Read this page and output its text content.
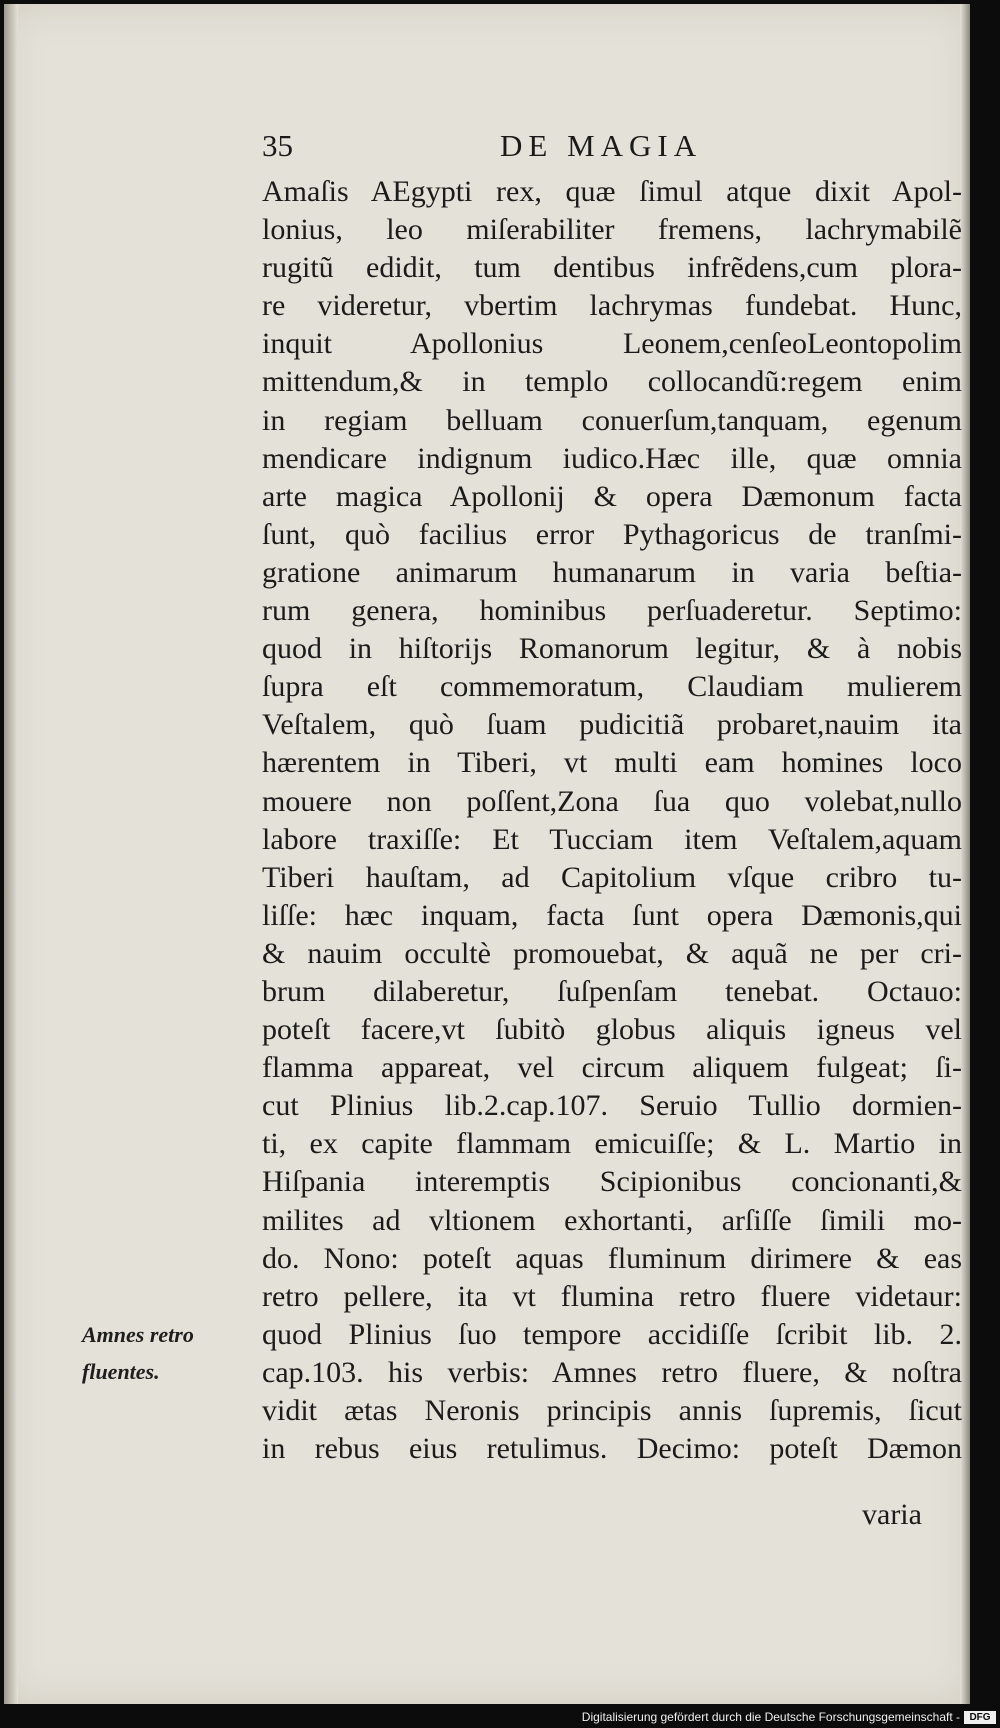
35	DE MAGIA
Amnes retro
fluentes.
Amaſis AEgypti rex, quæ ſimul atque dixit Apol-
lonius, leo miſerabiliter fremens, lachrymabilẽ
rugitũ edidit, tum dentibus infrẽdens,cum plora-
re videretur, vbertim lachrymas fundebat. Hunc,
inquit Apollonius Leonem,cenſeoLeontopolim
mittendum,& in templo collocandũ:regem enim
in regiam belluam conuerſum,tanquam, egenum
mendicare indignum iudico.Hæc ille, quæ omnia
arte magica Apollonij & opera Dæmonum facta
ſunt, quò facilius error Pythagoricus de tranſmi-
gratione animarum humanarum in varia beſtia-
rum genera, hominibus perſuaderetur. Septimo:
quod in hiſtorijs Romanorum legitur, & à nobis
ſupra eſt commemoratum, Claudiam mulierem
Veſtalem, quò ſuam pudicitiã probaret,nauim ita
hærentem in Tiberi, vt multi eam homines loco
mouere non poſſent,Zona ſua quo volebat,nullo
labore traxiſſe: Et Tucciam item Veſtalem,aquam
Tiberi hauſtam, ad Capitolium vſque cribro tu-
liſſe: hæc inquam, facta ſunt opera Dæmonis,qui
& nauim occultè promouebat, & aquã ne per cri-
brum dilaberetur, ſuſpenſam tenebat. Octauo:
poteſt facere,vt ſubitò globus aliquis igneus vel
flamma appareat, vel circum aliquem fulgeat; ſi-
cut Plinius lib.2.cap.107. Seruio Tullio dormien-
ti, ex capite flammam emicuiſſe; & L. Martio in
Hiſpania interemptis Scipionibus concionanti,&
milites ad vltionem exhortanti, arſiſſe ſimili mo-
do. Nono: poteſt aquas fluminum dirimere & eas
retro pellere, ita vt flumina retro fluere videtaur:
quod Plinius ſuo tempore accidiſſe ſcribit lib. 2.
cap.103. his verbis: Amnes retro fluere, & noſtra
vidit ætas Neronis principis annis ſupremis, ſicut
in rebus eius retulimus. Decimo: poteſt Dæmon
varia
Digitalisierung gefördert durch die Deutsche Forschungsgemeinschaft - DFG
